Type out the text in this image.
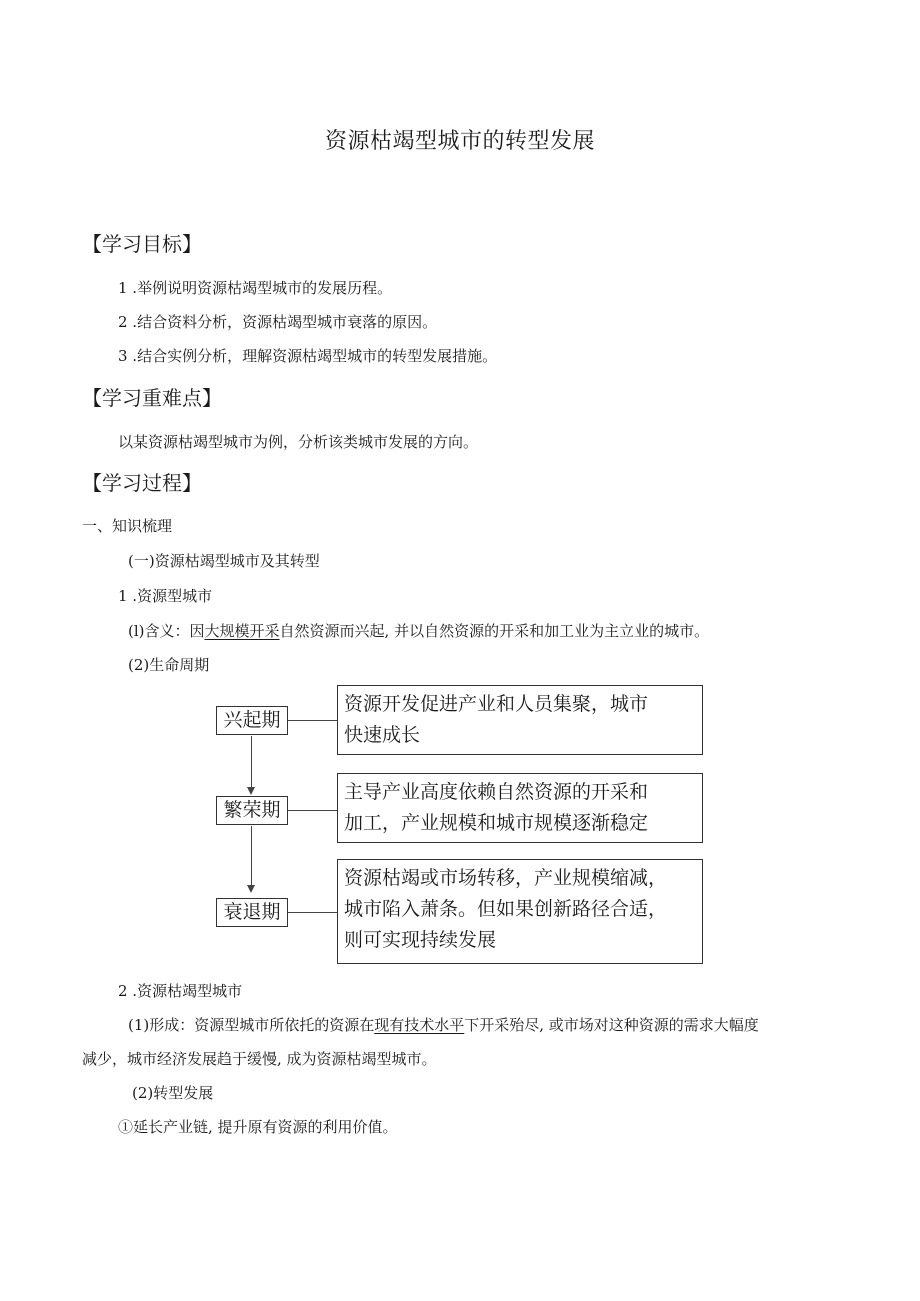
资源枯竭型城市的转型发展
【学习目标】
1 .举例说明资源枯竭型城市的发展历程。
2 .结合资料分析，资源枯竭型城市衰落的原因。
3 .结合实例分析，理解资源枯竭型城市的转型发展措施。
【学习重难点】
以某资源枯竭型城市为例，分析该类城市发展的方向。
【学习过程】
一、知识梳理
(一)资源枯竭型城市及其转型
1 .资源型城市
(l)含义：因大规模开采自然资源而兴起, 并以自然资源的开采和加工业为主立业的城市。
(2)生命周期
兴起期
资源开发促进产业和人员集聚，城市
快速成长
繁荣期
主导产业高度依赖自然资源的开采和
加工，产业规模和城市规模逐渐稳定
衰退期
资源枯竭或市场转移，产业规模缩减，
城市陷入萧条。但如果创新路径合适，
则可实现持续发展
2 .资源枯竭型城市
(1)形成：资源型城市所依托的资源在现有技术水平下开采殆尽, 或市场对这种资源的需求大幅度
减少，城市经济发展趋于缓慢, 成为资源枯竭型城市。
(2)转型发展
①延长产业链, 提升原有资源的利用价值。
